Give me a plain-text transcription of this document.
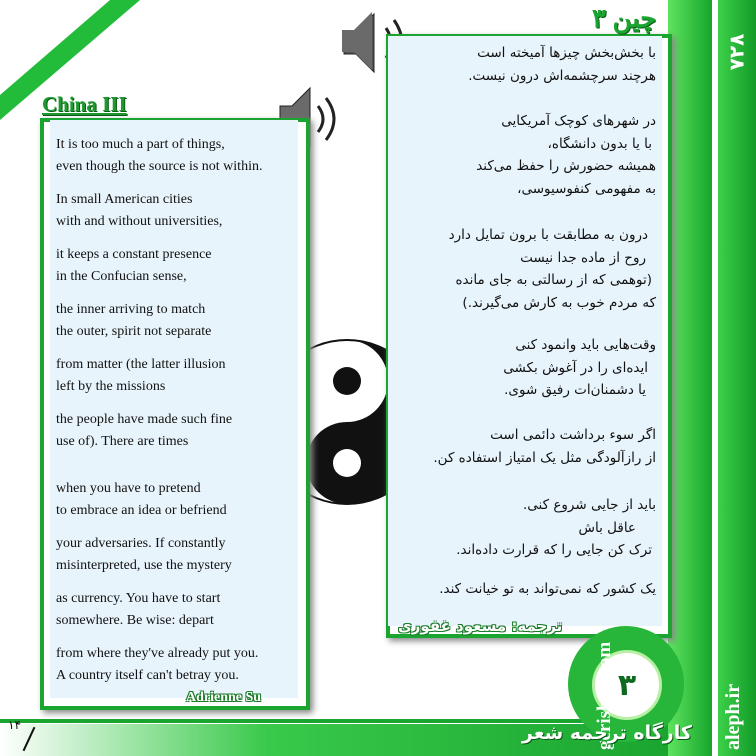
China III
It is too much a part of things,
even though the source is not within.
In small American cities
with and without universities,
it keeps a constant presence
in the Confucian sense,
the inner arriving to match
the outer, spirit not separate
from matter (the latter illusion
left by the missions
the people have made such fine
use of). There are times
when you have to pretend
to embrace an idea or befriend
your adversaries. If constantly
misinterpreted, use the mystery
as currency. You have to start
somewhere. Be wise: depart
from where they've already put you.
A country itself can't betray you.
Adrienne Su
چین ۳
با بخش‌بخش چیزها آمیخته است
هرچند سرچشمه‌اش درون نیست.
در شهرهای کوچک آمریکایی
با یا بدون دانشگاه،
همیشه حضورش را حفظ می‌کند
به مفهومی کنفوسیوسی،
درون به مطابقت با برون تمایل دارد
روح از ماده جدا نیست
(توهمی که از رسالتی به جای مانده
که مردم خوب به کارش می‌گیرند.)
وقت‌هایی باید وانمود کنی
ایده‌ای را در آغوش بکشی
یا دشمنان‌ات رفیق شوی.
اگر سوء برداشت دائمی است
از رازآلودگی مثل یک امتیاز استفاده کن.
باید از جایی شروع کنی.
عاقل باش
ترک کن جایی را که قرارت داده‌اند.
یک کشور که نمی‌تواند به تو خیانت کند.
ترجمه: مسعود غفوری
۳
۷۲۸
gerishna.com	aleph.ir
کارگاه ترجمه شعر
۱۴
